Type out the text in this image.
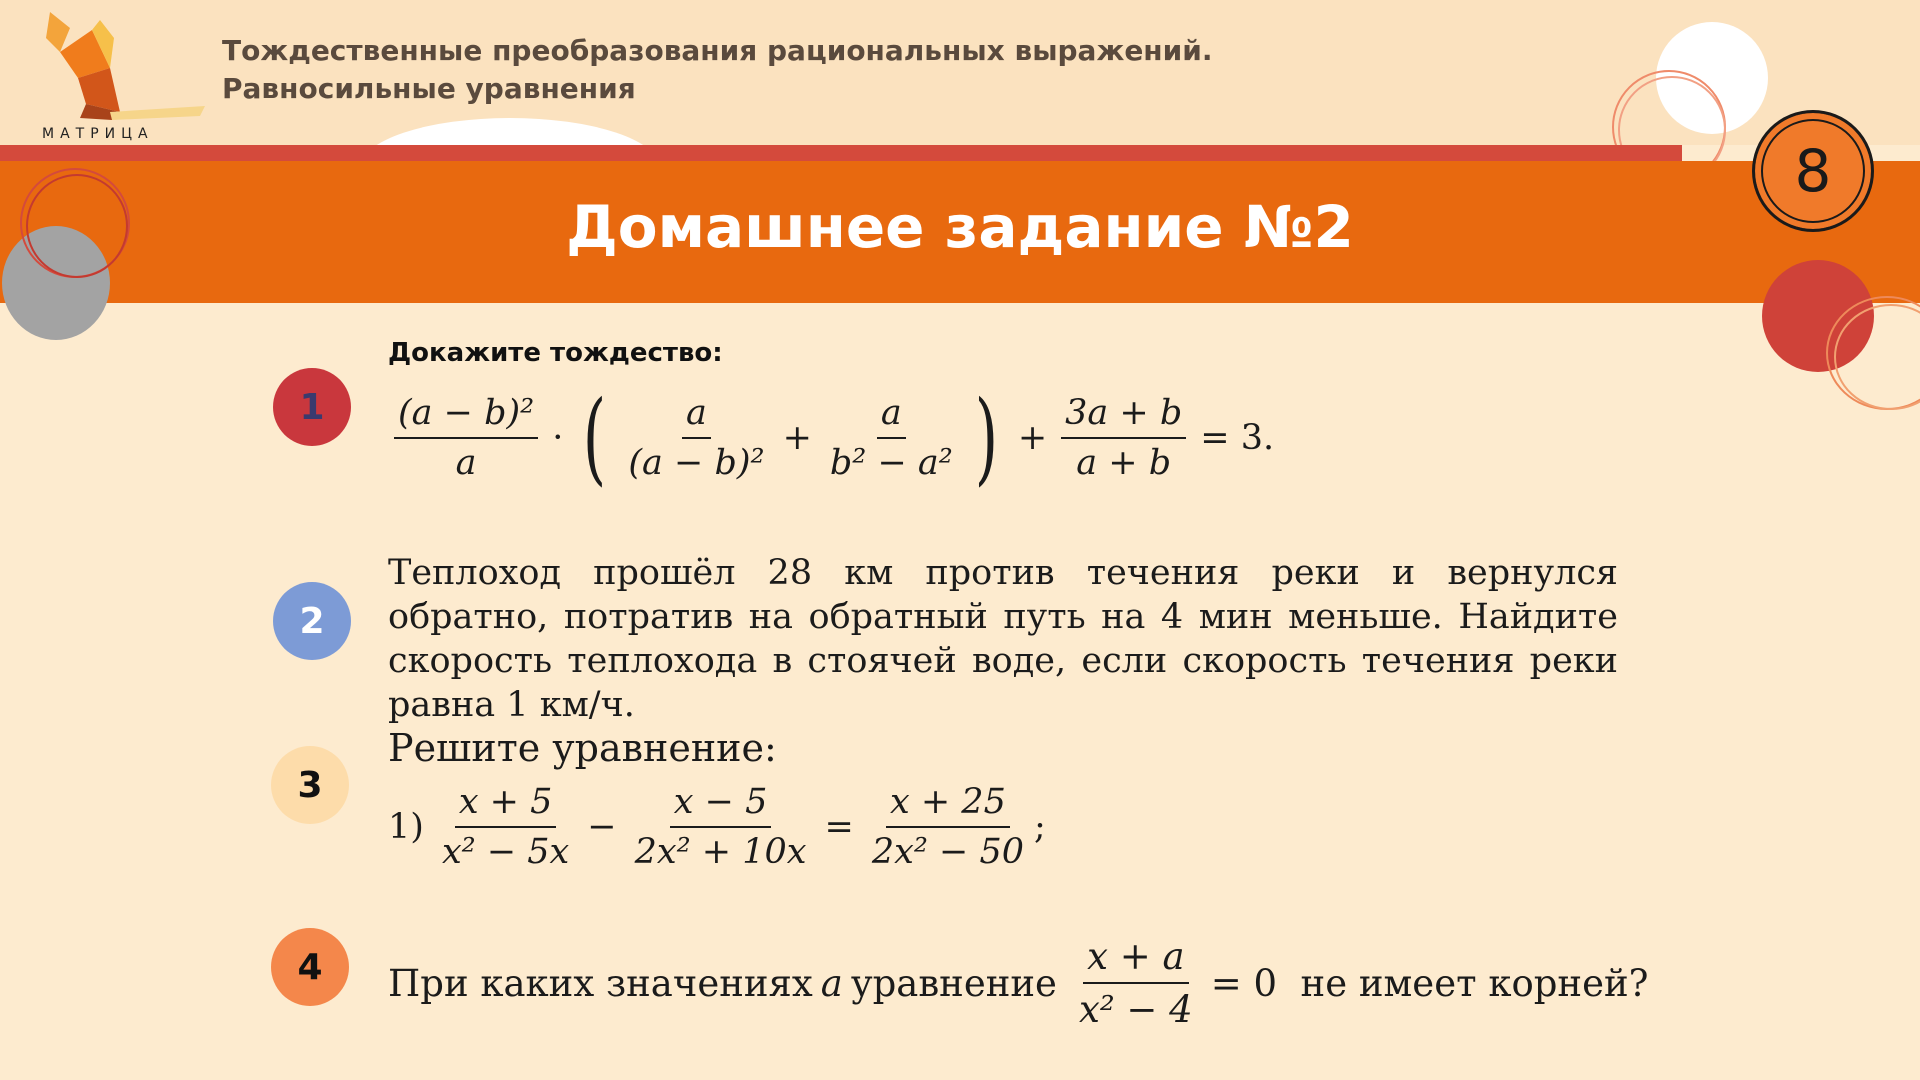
МАТРИЦА
Тождественные преобразования рациональных выражений.
Равносильные уравнения
Домашнее задание №2
8
1
Докажите тождество:
$\frac{\text{(a − b)²}}{a}$ · ( $\frac{a}{\text{(a − b)²}} + \frac{a}{\text{b² − a²}}$ ) + $\frac{3a + b}{a + b} = 3$.
2
Теплоход прошёл 28 км против течения реки и вернулся обратно, потратив на обратный путь на 4 мин меньше. Найдите скорость теплохода в стоячей воде, если скорость течения реки равна 1 км/ч.
3
Решите уравнение:
$1) \frac{x + 5}{\text{x² − 5x}} - \frac{x - 5}{\text{2x² + 10x}} = \frac{x + 25}{\text{2x² − 50}}$ ;
4	При каких значениях a уравнение $\frac{x + a}{\text{x² − 4}} = 0$  не имеет корней?
